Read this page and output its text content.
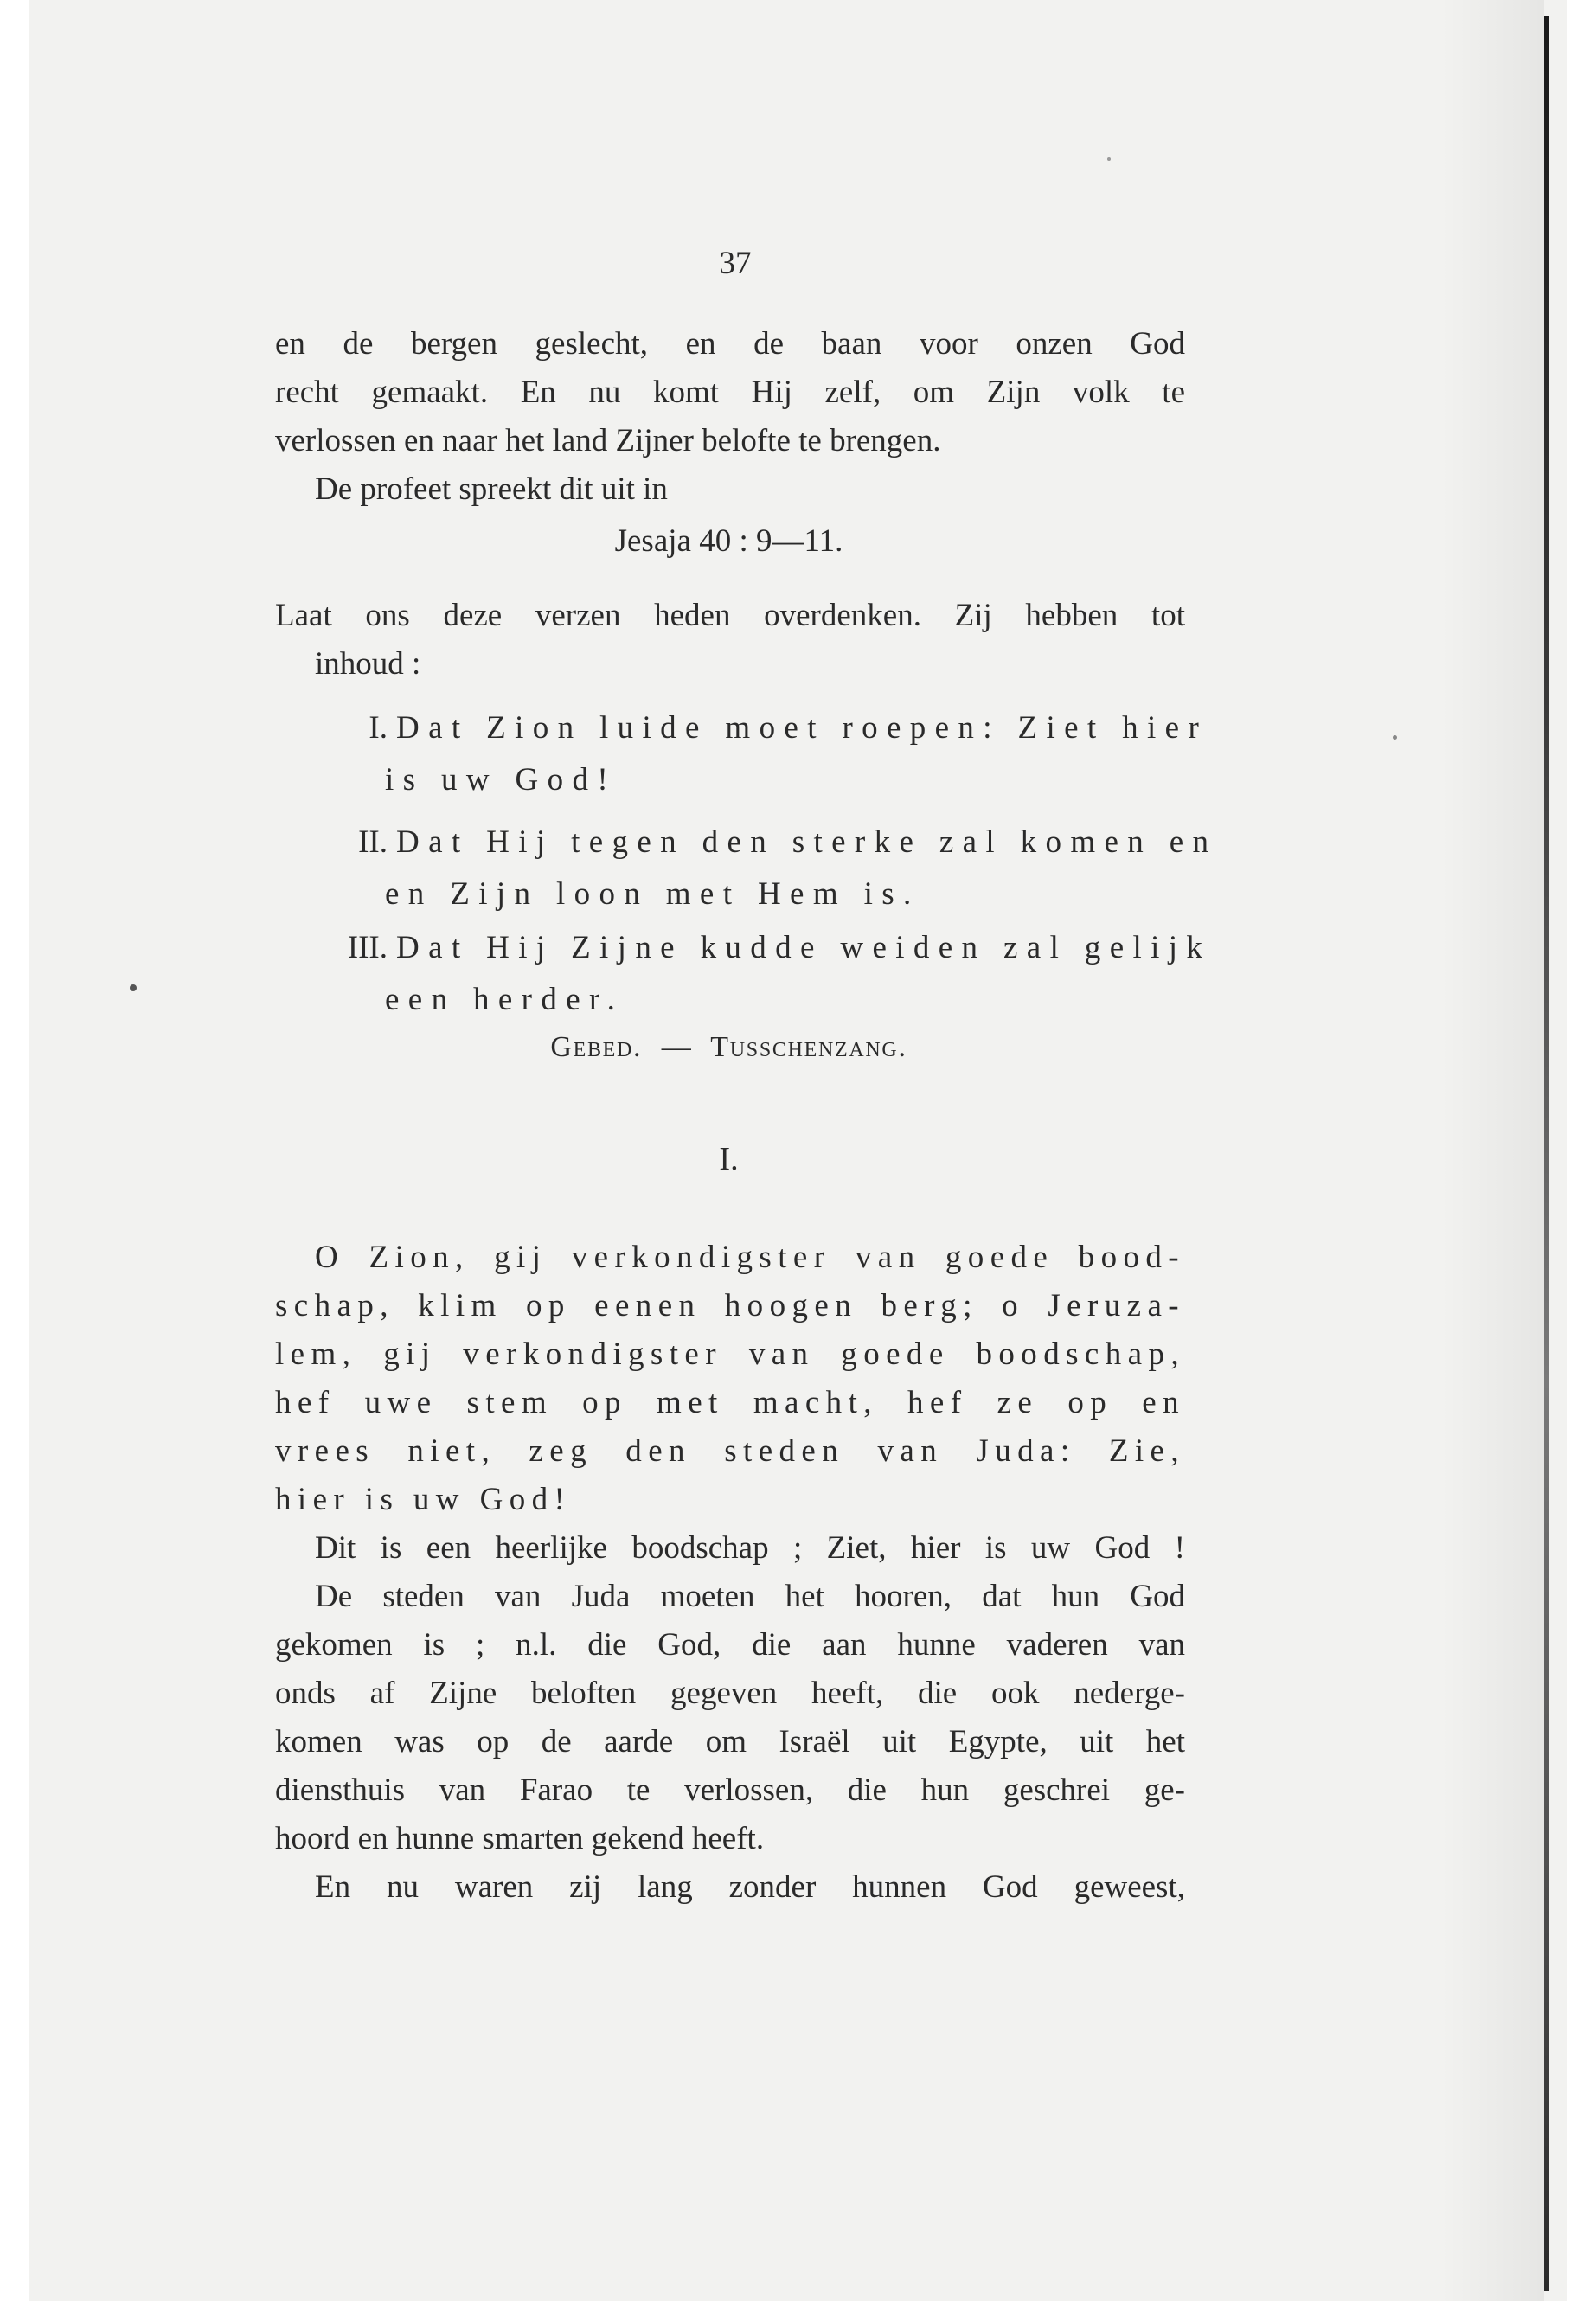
37
en de bergen geslecht, en de baan voor onzen God
recht gemaakt. En nu komt Hij zelf, om Zijn volk te
verlossen en naar het land Zijner belofte te brengen.
De profeet spreekt dit uit in
Jesaja 40 : 9—11.
Laat ons deze verzen heden overdenken. Zij hebben tot
inhoud :
I. Dat Zion luide moet roepen: Ziet hier
is uw God!
II. Dat Hij tegen den sterke zal komen en
en Zijn loon met Hem is.
III. Dat Hij Zijne kudde weiden zal gelijk
een herder.
Gebed. — Tusschenzang.
I.
O Zion, gij verkondigster van goede bood-
schap, klim op eenen hoogen berg; o Jeruza-
lem, gij verkondigster van goede boodschap,
hef uwe stem op met macht, hef ze op en
vrees niet, zeg den steden van Juda: Zie,
hier is uw God!
Dit is een heerlijke boodschap ; Ziet, hier is uw God !
De steden van Juda moeten het hooren, dat hun God
gekomen is ; n.l. die God, die aan hunne vaderen van
onds af Zijne beloften gegeven heeft, die ook nederge-
komen was op de aarde om Israël uit Egypte, uit het
diensthuis van Farao te verlossen, die hun geschrei ge-
hoord en hunne smarten gekend heeft.
En nu waren zij lang zonder hunnen God geweest,
